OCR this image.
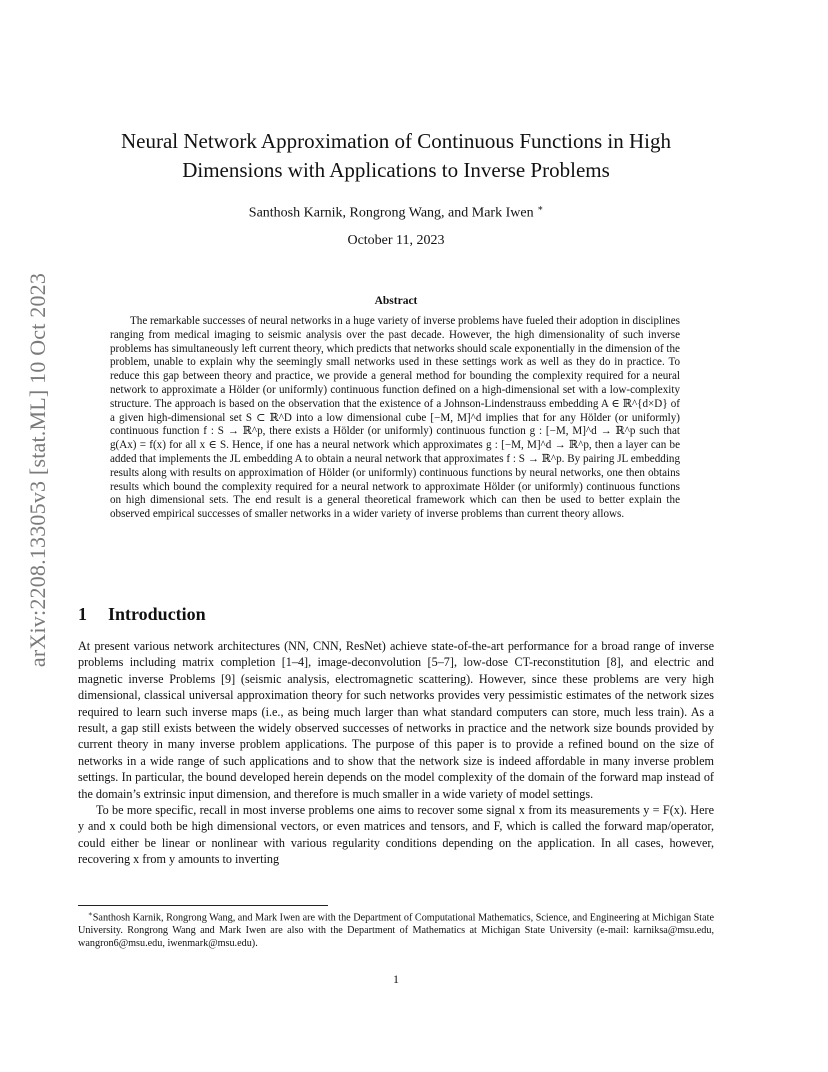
arXiv:2208.13305v3 [stat.ML] 10 Oct 2023
Neural Network Approximation of Continuous Functions in High
Dimensions with Applications to Inverse Problems
Santhosh Karnik, Rongrong Wang, and Mark Iwen ∗
October 11, 2023
Abstract

The remarkable successes of neural networks in a huge variety of inverse problems have fueled their adoption in disciplines ranging from medical imaging to seismic analysis over the past decade. However, the high dimensionality of such inverse problems has simultaneously left current theory, which predicts that networks should scale exponentially in the dimension of the problem, unable to explain why the seemingly small networks used in these settings work as well as they do in practice. To reduce this gap between theory and practice, we provide a general method for bounding the complexity required for a neural network to approximate a Hölder (or uniformly) continuous function defined on a high-dimensional set with a low-complexity structure. The approach is based on the observation that the existence of a Johnson-Lindenstrauss embedding A ∈ ℝ^{d×D} of a given high-dimensional set S ⊂ ℝ^D into a low dimensional cube [−M, M]^d implies that for any Hölder (or uniformly) continuous function f : S → ℝ^p, there exists a Hölder (or uniformly) continuous function g : [−M, M]^d → ℝ^p such that g(Ax) = f(x) for all x ∈ S. Hence, if one has a neural network which approximates g : [−M, M]^d → ℝ^p, then a layer can be added that implements the JL embedding A to obtain a neural network that approximates f : S → ℝ^p. By pairing JL embedding results along with results on approximation of Hölder (or uniformly) continuous functions by neural networks, one then obtains results which bound the complexity required for a neural network to approximate Hölder (or uniformly) continuous functions on high dimensional sets. The end result is a general theoretical framework which can then be used to better explain the observed empirical successes of smaller networks in a wider variety of inverse problems than current theory allows.

1 Introduction

At present various network architectures (NN, CNN, ResNet) achieve state-of-the-art performance for a broad range of inverse problems including matrix completion [1–4], image-deconvolution [5–7], low-dose CT-reconstitution [8], and electric and magnetic inverse Problems [9] (seismic analysis, electromagnetic scattering). However, since these problems are very high dimensional, classical universal approximation theory for such networks provides very pessimistic estimates of the network sizes required to learn such inverse maps (i.e., as being much larger than what standard computers can store, much less train). As a result, a gap still exists between the widely observed successes of networks in practice and the network size bounds provided by current theory in many inverse problem applications. The purpose of this paper is to provide a refined bound on the size of networks in a wide range of such applications and to show that the network size is indeed affordable in many inverse problem settings. In particular, the bound developed herein depends on the model complexity of the domain of the forward map instead of the domain’s extrinsic input dimension, and therefore is much smaller in a wide variety of model settings.

To be more specific, recall in most inverse problems one aims to recover some signal x from its measurements y = F(x). Here y and x could both be high dimensional vectors, or even matrices and tensors, and F, which is called the forward map/operator, could either be linear or nonlinear with various regularity conditions depending on the application. In all cases, however, recovering x from y amounts to inverting

∗Santhosh Karnik, Rongrong Wang, and Mark Iwen are with the Department of Computational Mathematics, Science, and Engineering at Michigan State University. Rongrong Wang and Mark Iwen are also with the Department of Mathematics at Michigan State University (e-mail: karniksa@msu.edu, wangron6@msu.edu, iwenmark@msu.edu).

1
